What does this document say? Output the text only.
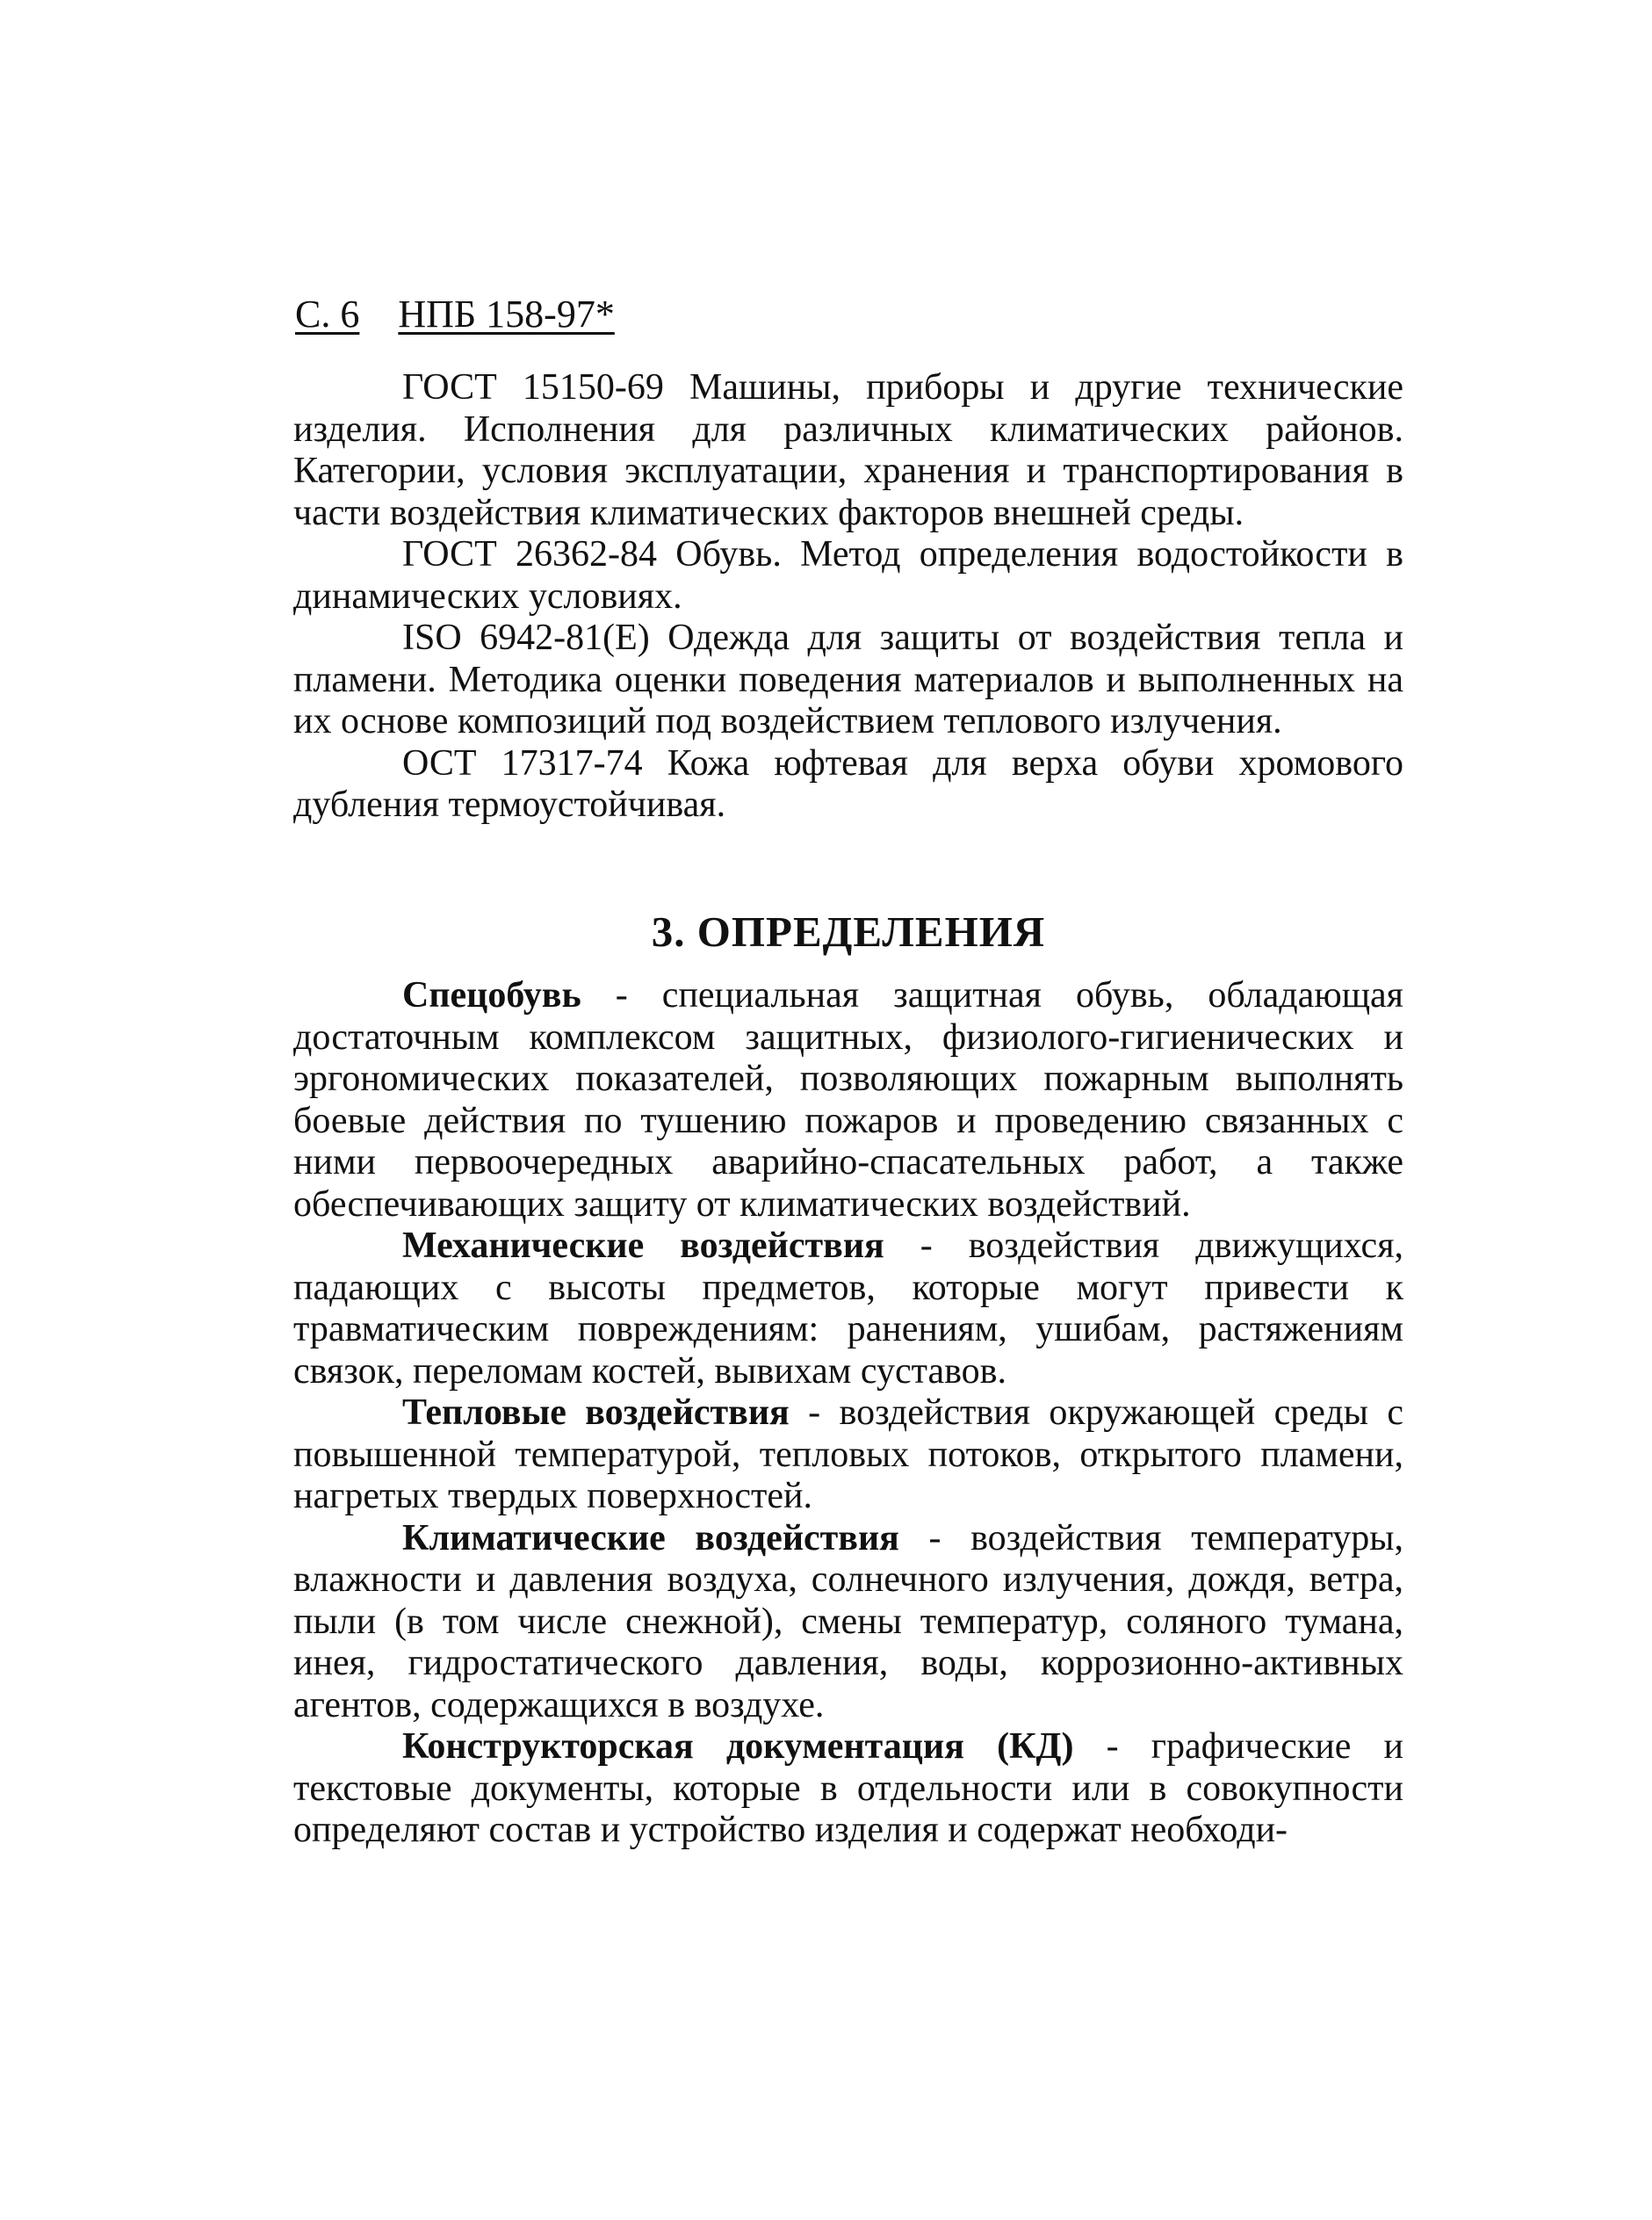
С. 6 НПБ 158-97*

ГОСТ 15150-69 Машины, приборы и другие технические изделия. Исполнения для различных климатических районов. Категории, условия эксплуатации, хранения и транспортирования в части воздействия климатических факторов внешней среды.

ГОСТ 26362-84 Обувь. Метод определения водостойкости в динамических условиях.

ISO 6942-81(E) Одежда для защиты от воздействия тепла и пламени. Методика оценки поведения материалов и выполненных на их основе композиций под воздействием теплового излучения.

ОСТ 17317-74 Кожа юфтевая для верха обуви хромового дубления термоустойчивая.

3. ОПРЕДЕЛЕНИЯ

Спецобувь - специальная защитная обувь, обладающая достаточным комплексом защитных, физиолого-гигиенических и эргономических показателей, позволяющих пожарным выполнять боевые действия по тушению пожаров и проведению связанных с ними первоочередных аварийно-спасательных работ, а также обеспечивающих защиту от климатических воздействий.

Механические воздействия - воздействия движущихся, падающих с высоты предметов, которые могут привести к травматическим повреждениям: ранениям, ушибам, растяжениям связок, переломам костей, вывихам суставов.

Тепловые воздействия - воздействия окружающей среды с повышенной температурой, тепловых потоков, открытого пламени, нагретых твердых поверхностей.

Климатические воздействия - воздействия температуры, влажности и давления воздуха, солнечного излучения, дождя, ветра, пыли (в том числе снежной), смены температур, соляного тумана, инея, гидростатического давления, воды, коррозионно-активных агентов, содержащихся в воздухе.

Конструкторская документация (КД) - графические и текстовые документы, которые в отдельности или в совокупности определяют состав и устройство изделия и содержат необходи-
